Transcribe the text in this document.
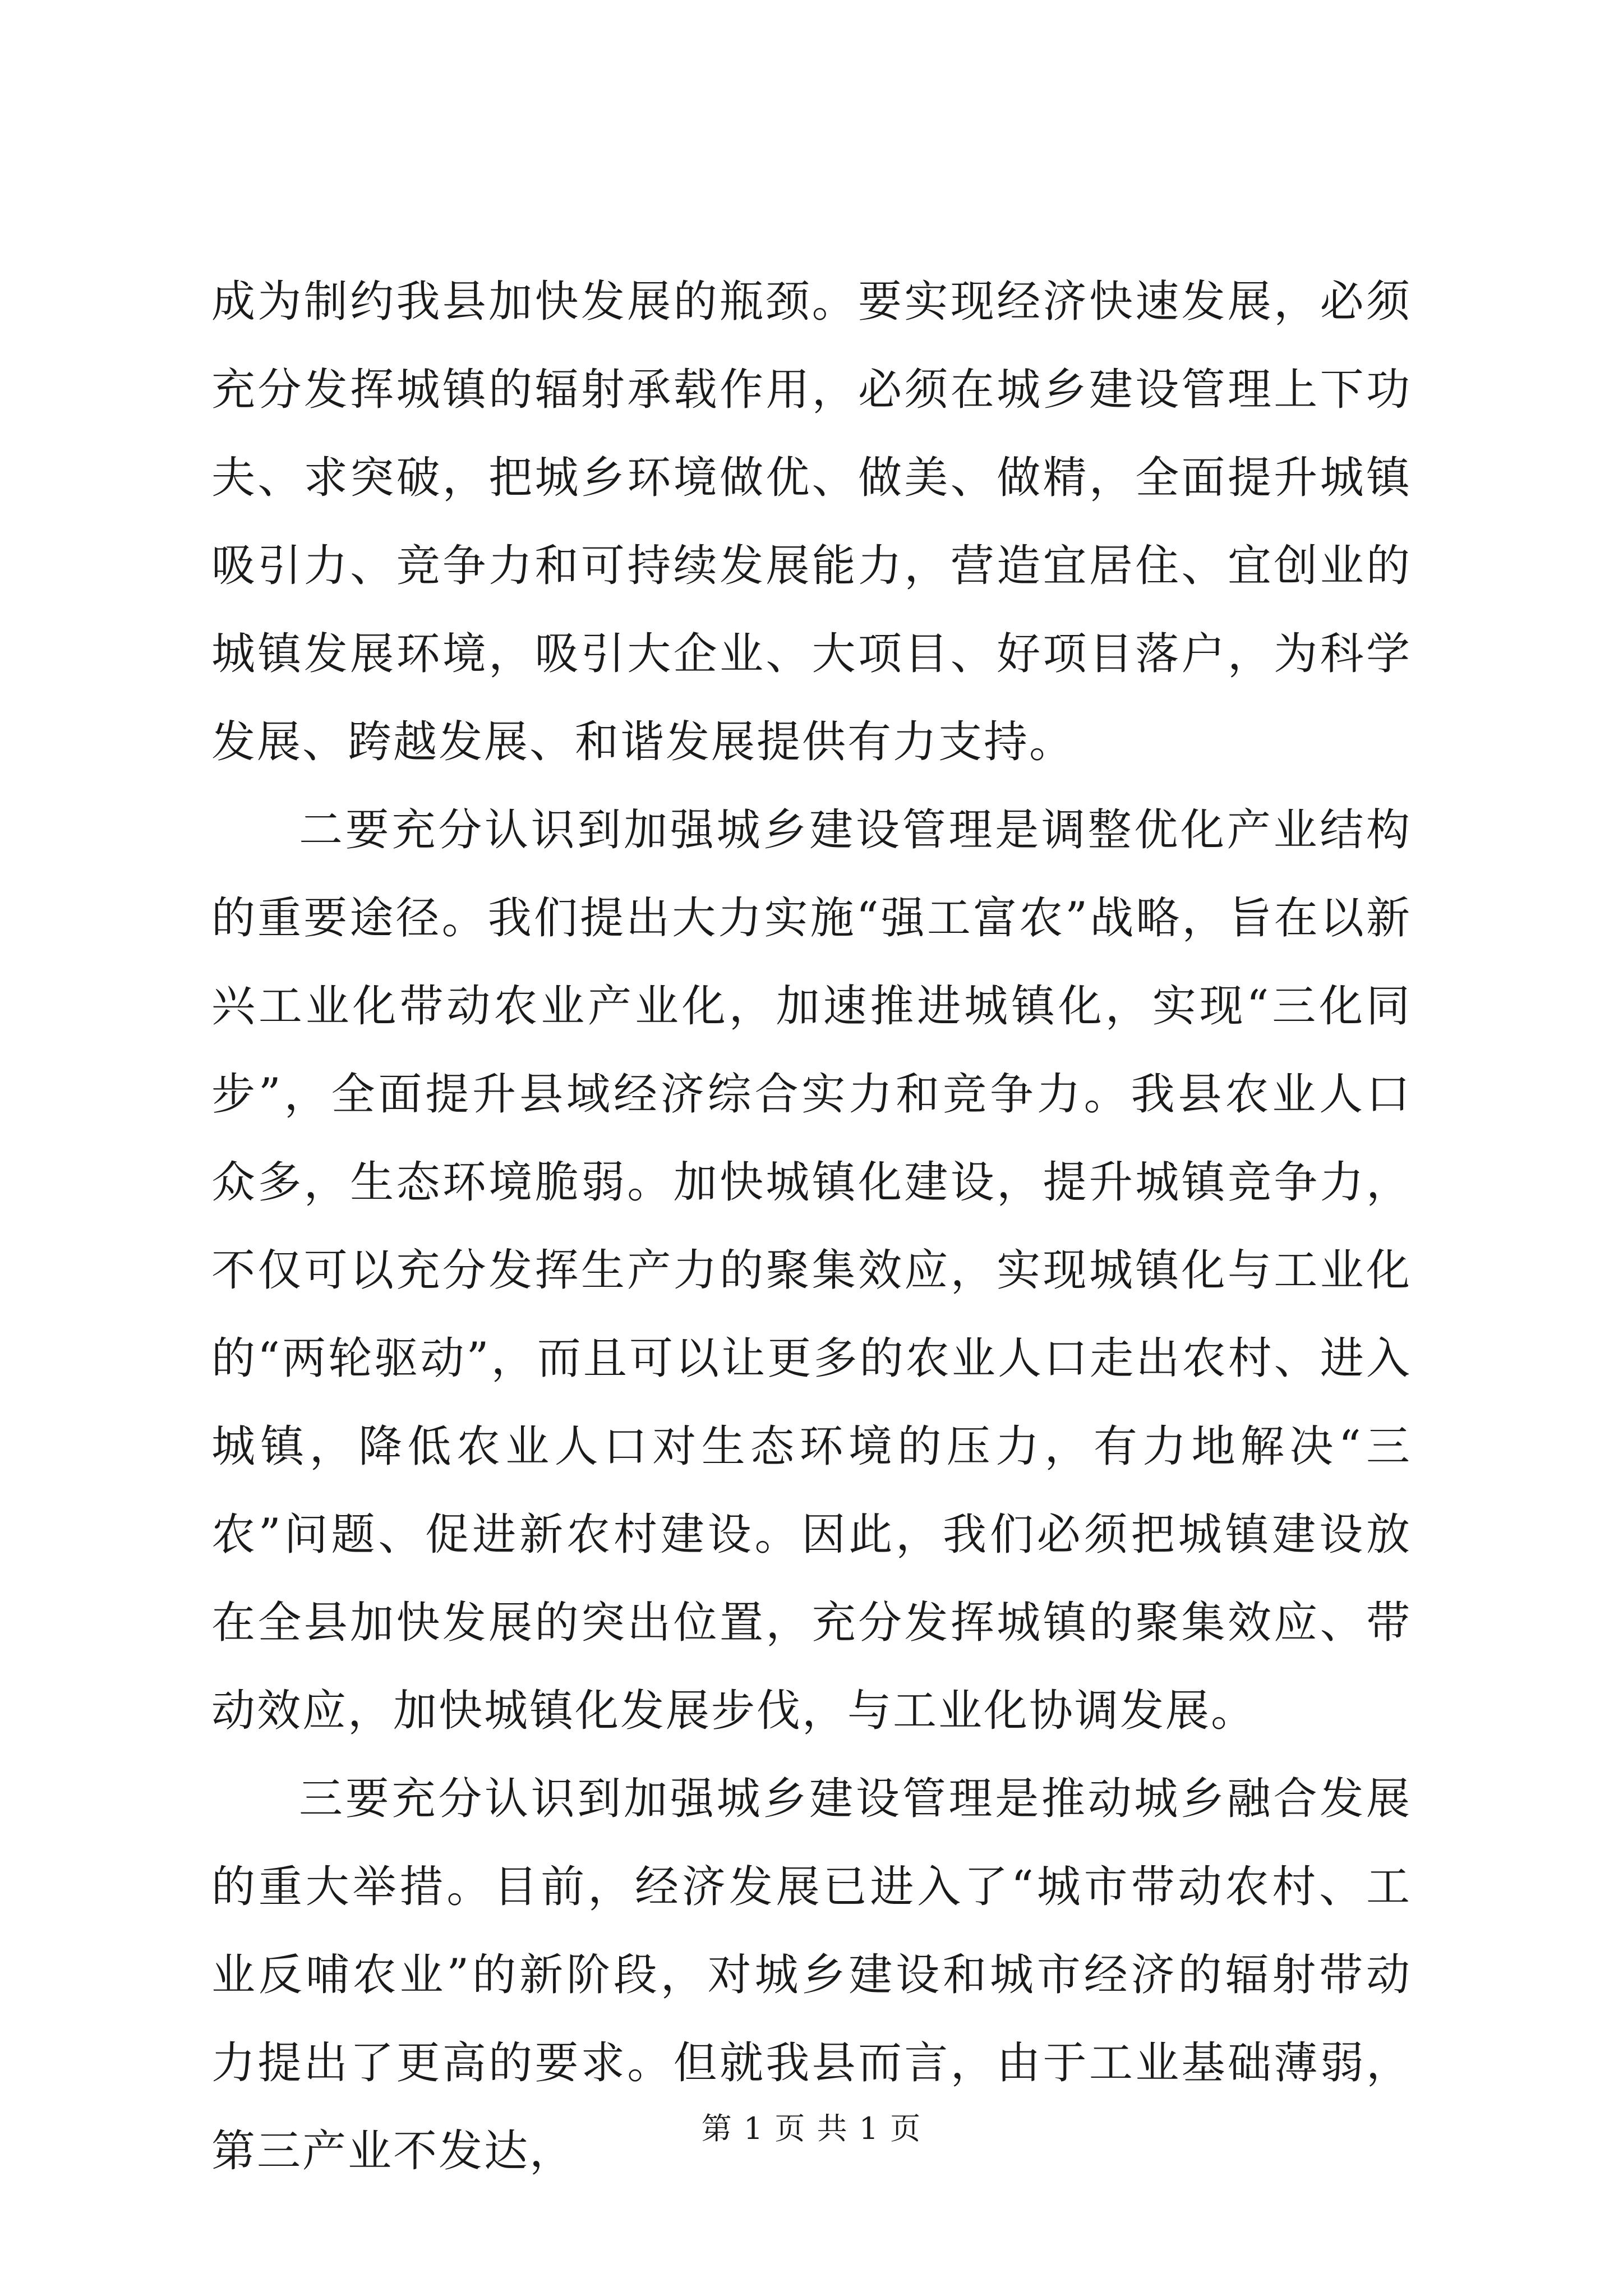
成为制约我县加快发展的瓶颈。要实现经济快速发展，必须充分发挥城镇的辐射承载作用，必须在城乡建设管理上下功夫、求突破，把城乡环境做优、做美、做精，全面提升城镇吸引力、竞争力和可持续发展能力，营造宜居住、宜创业的城镇发展环境，吸引大企业、大项目、好项目落户，为科学发展、跨越发展、和谐发展提供有力支持。

二要充分认识到加强城乡建设管理是调整优化产业结构的重要途径。我们提出大力实施“强工富农”战略，旨在以新兴工业化带动农业产业化，加速推进城镇化，实现“三化同步”，全面提升县域经济综合实力和竞争力。我县农业人口众多，生态环境脆弱。加快城镇化建设，提升城镇竞争力，不仅可以充分发挥生产力的聚集效应，实现城镇化与工业化的“两轮驱动”，而且可以让更多的农业人口走出农村、进入城镇，降低农业人口对生态环境的压力，有力地解决“三农”问题、促进新农村建设。因此，我们必须把城镇建设放在全县加快发展的突出位置，充分发挥城镇的聚集效应、带动效应，加快城镇化发展步伐，与工业化协调发展。

三要充分认识到加强城乡建设管理是推动城乡融合发展的重大举措。目前，经济发展已进入了“城市带动农村、工业反哺农业”的新阶段，对城乡建设和城市经济的辐射带动力提出了更高的要求。但就我县而言，由于工业基础薄弱，第三产业不发达，	第 1 页 共 1 页
